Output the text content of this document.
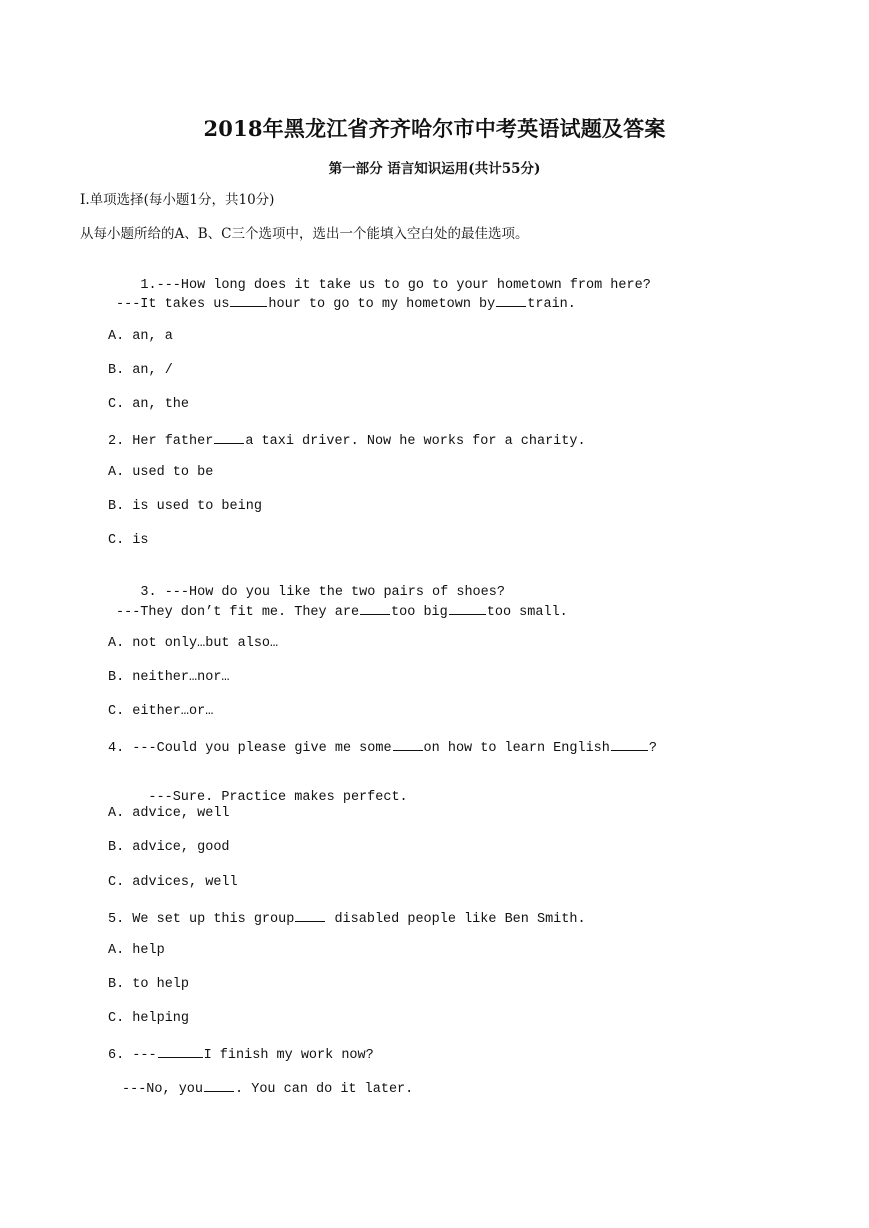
2018年黑龙江省齐齐哈尔市中考英语试题及答案
第一部分 语言知识运用(共计55分)
Ⅰ.单项选择(每小题1分，共10分)
从每小题所给的A、B、C三个选项中，选出一个能填入空白处的最佳选项。

1.---How long does it take us to go to your hometown from here?

---It takes us	hour to go to my hometown by train.
A. an, a
B. an, /
C. an, the
2. Her father a taxi driver. Now he works for a charity.
A. used to be
B. is used to being
C. is

3. ---How do you like the two pairs of shoes?

---They don’t fit me. They are too big	too small.
A. not only…but also…
B. neither…nor…
C. either…or…
4. ---Could you please give me some on how to learn English	?

---Sure. Practice makes perfect.

A. advice, well
B. advice, good
C. advices, well
5. We set up this group disabled people like Ben Smith.
A. help
B. to help
C. helping
6. ---	I finish my work now?
---No, you . You can do it later.
